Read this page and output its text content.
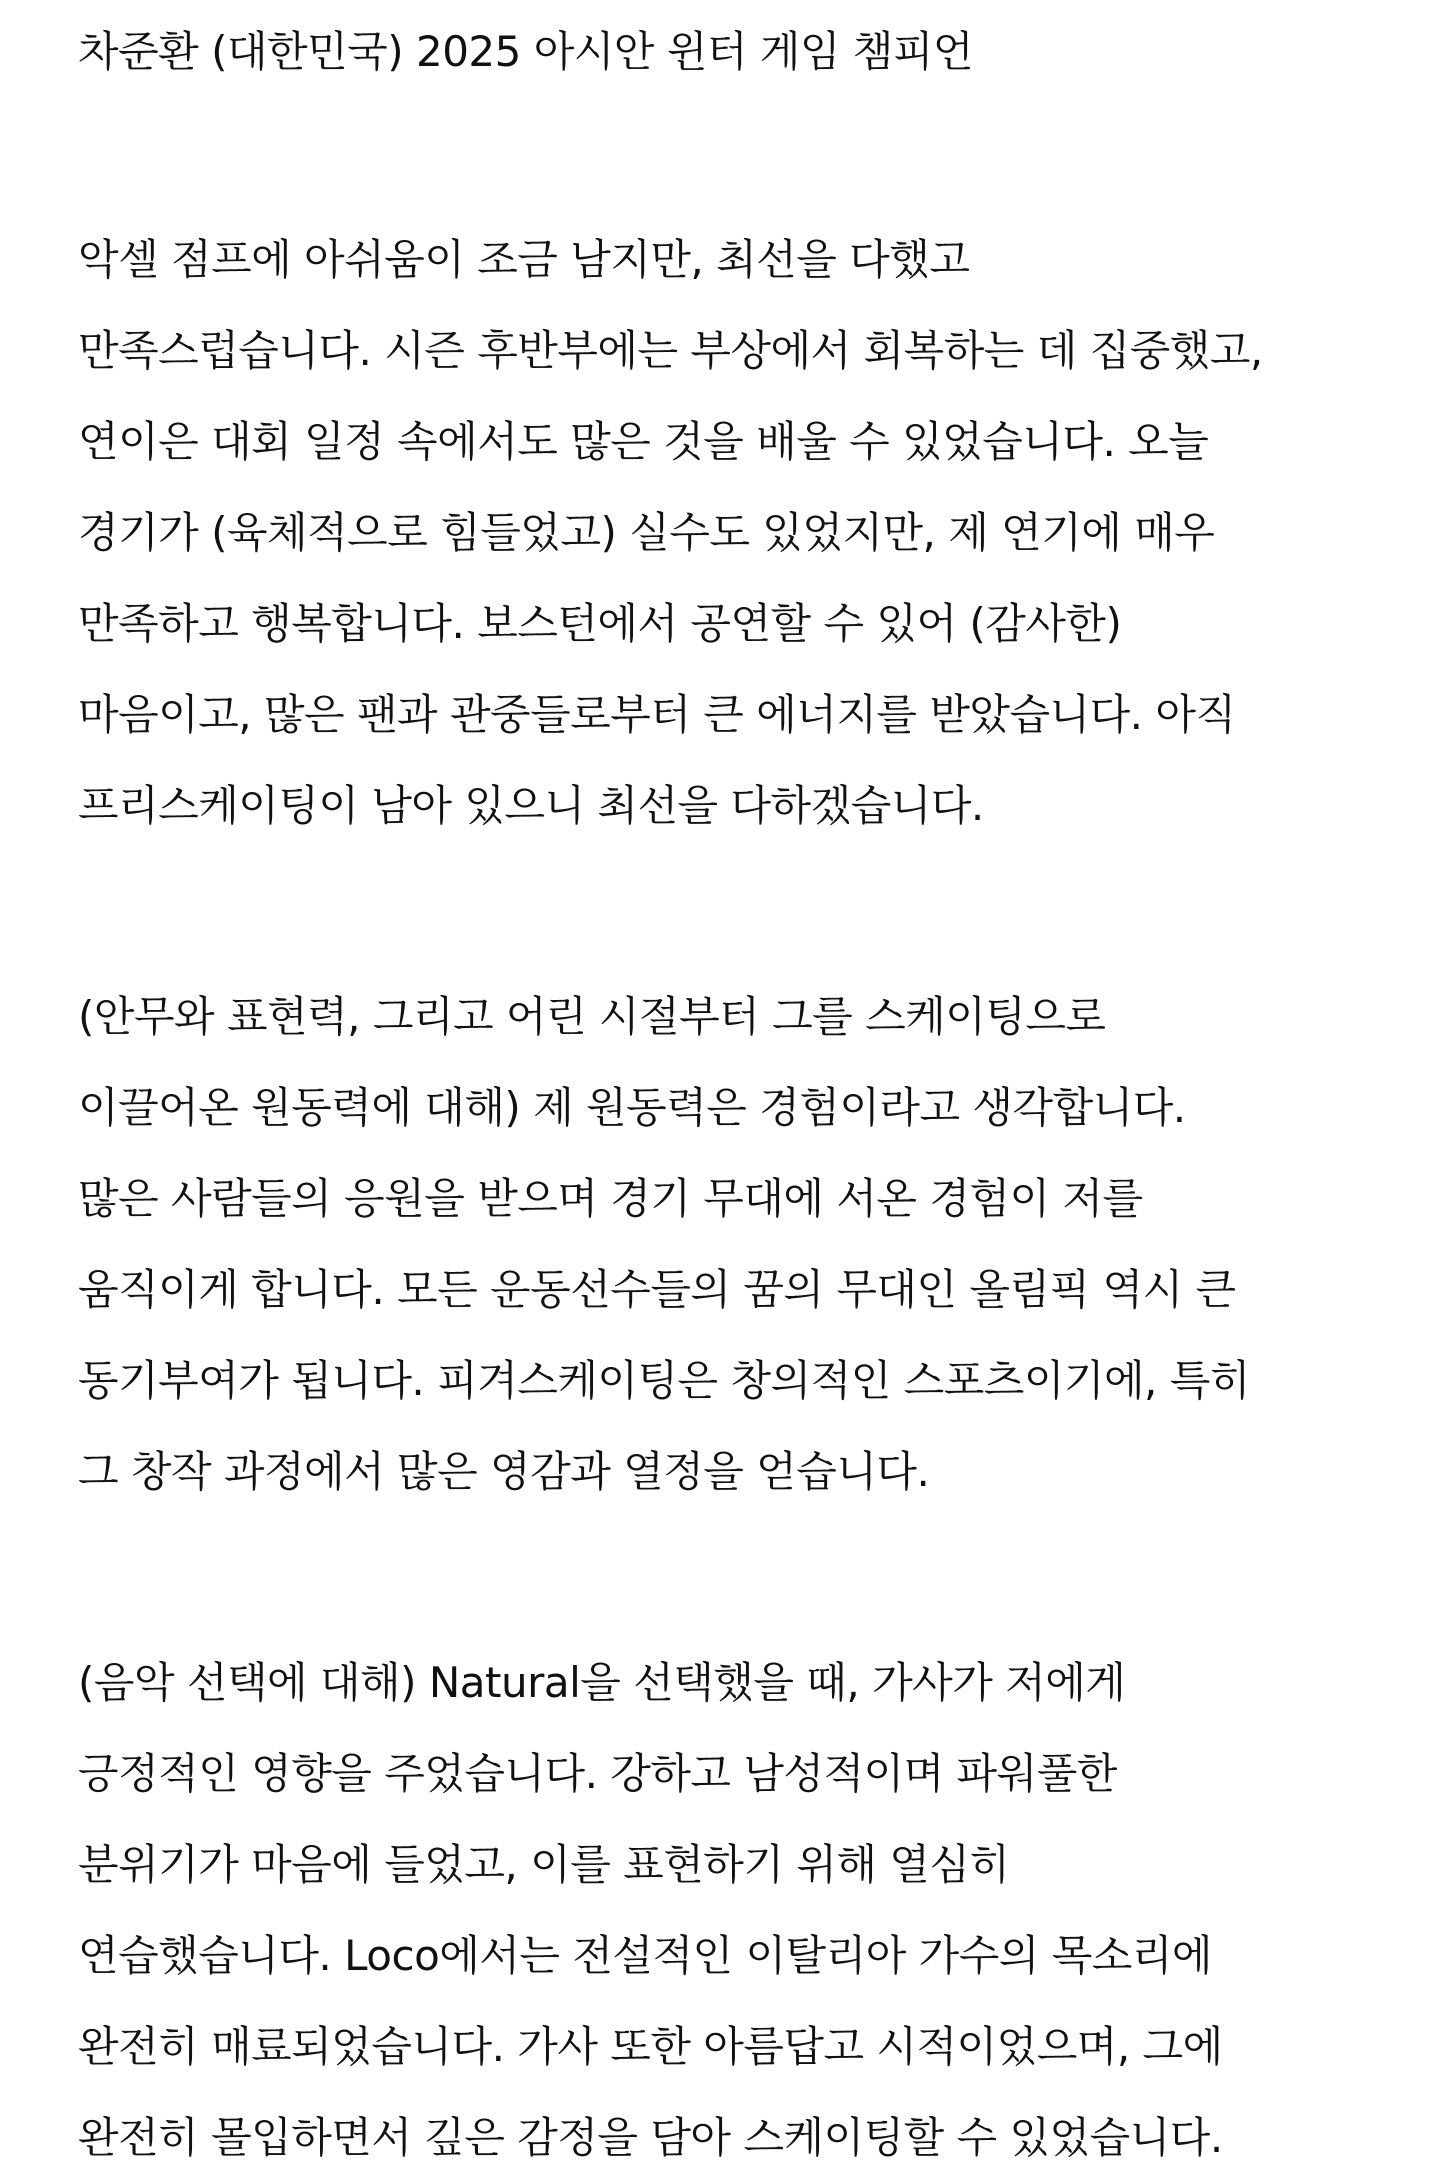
차준환 (대한민국) 2025 아시안 윈터 게임 챔피언
악셀 점프에 아쉬움이 조금 남지만, 최선을 다했고
만족스럽습니다. 시즌 후반부에는 부상에서 회복하는 데 집중했고,
연이은 대회 일정 속에서도 많은 것을 배울 수 있었습니다. 오늘
경기가 (육체적으로 힘들었고) 실수도 있었지만, 제 연기에 매우
만족하고 행복합니다. 보스턴에서 공연할 수 있어 (감사한)
마음이고, 많은 팬과 관중들로부터 큰 에너지를 받았습니다. 아직
프리스케이팅이 남아 있으니 최선을 다하겠습니다.
(안무와 표현력, 그리고 어린 시절부터 그를 스케이팅으로
이끌어온 원동력에 대해) 제 원동력은 경험이라고 생각합니다.
많은 사람들의 응원을 받으며 경기 무대에 서온 경험이 저를
움직이게 합니다. 모든 운동선수들의 꿈의 무대인 올림픽 역시 큰
동기부여가 됩니다. 피겨스케이팅은 창의적인 스포츠이기에, 특히
그 창작 과정에서 많은 영감과 열정을 얻습니다.
(음악 선택에 대해) Natural을 선택했을 때, 가사가 저에게
긍정적인 영향을 주었습니다. 강하고 남성적이며 파워풀한
분위기가 마음에 들었고, 이를 표현하기 위해 열심히
연습했습니다. Loco에서는 전설적인 이탈리아 가수의 목소리에
완전히 매료되었습니다. 가사 또한 아름답고 시적이었으며, 그에
완전히 몰입하면서 깊은 감정을 담아 스케이팅할 수 있었습니다.
